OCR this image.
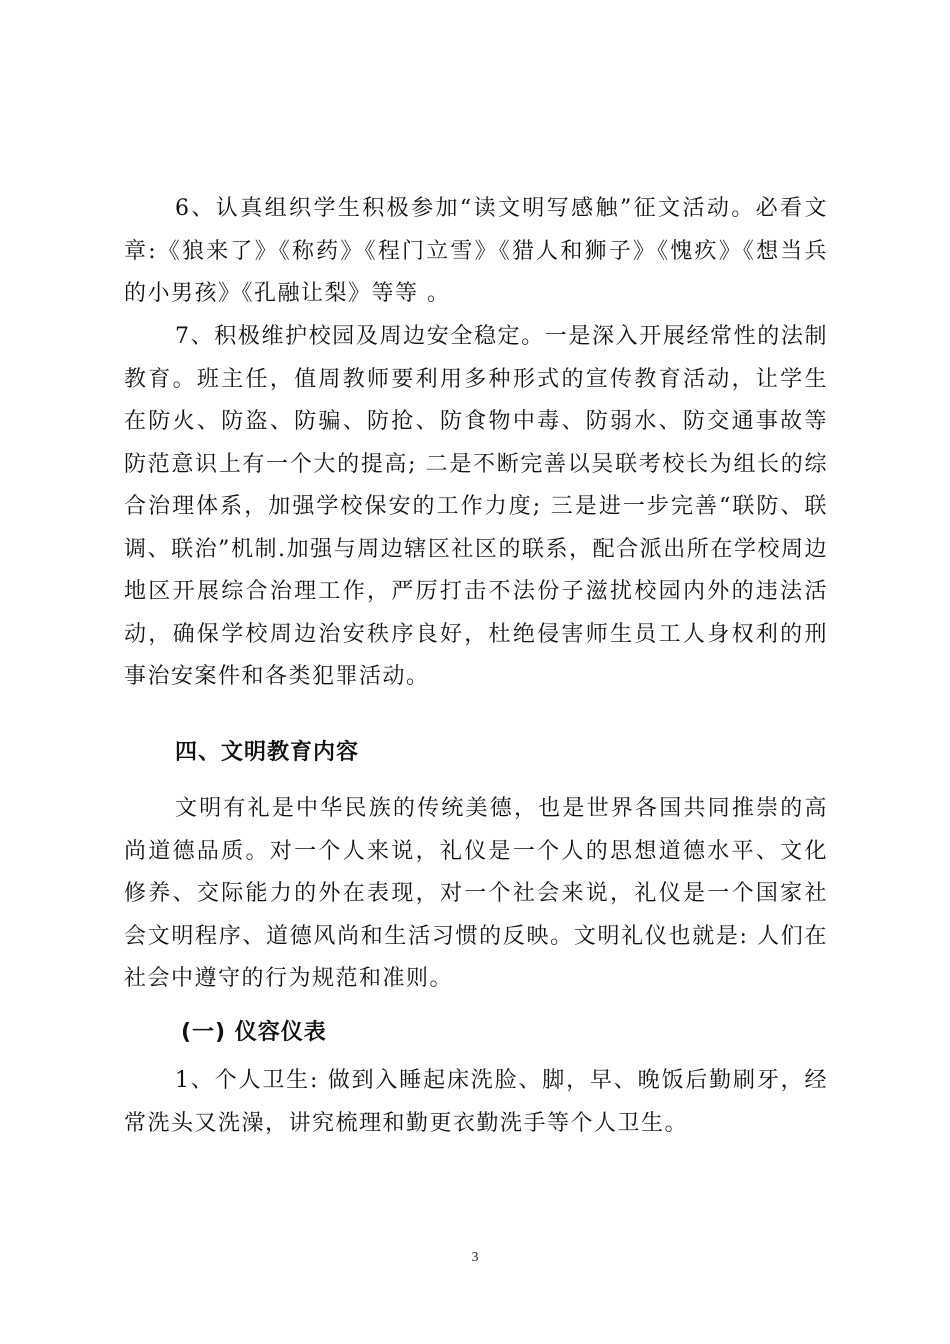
6、认真组织学生积极参加“读文明写感触”征文活动。必看文章:《狼来了》《称药》《程门立雪》《猎人和狮子》《愧疚》《想当兵的小男孩》《孔融让梨》等等 。

7、积极维护校园及周边安全稳定。一是深入开展经常性的法制教育。班主任，值周教师要利用多种形式的宣传教育活动，让学生在防火、防盗、防骗、防抢、防食物中毒、防弱水、防交通事故等防范意识上有一个大的提高; 二是不断完善以吴联考校长为组长的综合治理体系，加强学校保安的工作力度; 三是进一步完善“联防、联调、联治”机制.加强与周边辖区社区的联系，配合派出所在学校周边地区开展综合治理工作，严厉打击不法份子滋扰校园内外的违法活动，确保学校周边治安秩序良好，杜绝侵害师生员工人身权利的刑事治安案件和各类犯罪活动。

四、文明教育内容

文明有礼是中华民族的传统美德，也是世界各国共同推崇的高尚道德品质。对一个人来说，礼仪是一个人的思想道德水平、文化修养、交际能力的外在表现，对一个社会来说，礼仪是一个国家社会文明程序、道德风尚和生活习惯的反映。文明礼仪也就是: 人们在社会中遵守的行为规范和准则。

(一) 仪容仪表

1、个人卫生: 做到入睡起床洗脸、脚，早、晚饭后勤刷牙，经常洗头又洗澡，讲究梳理和勤更衣勤洗手等个人卫生。

3
